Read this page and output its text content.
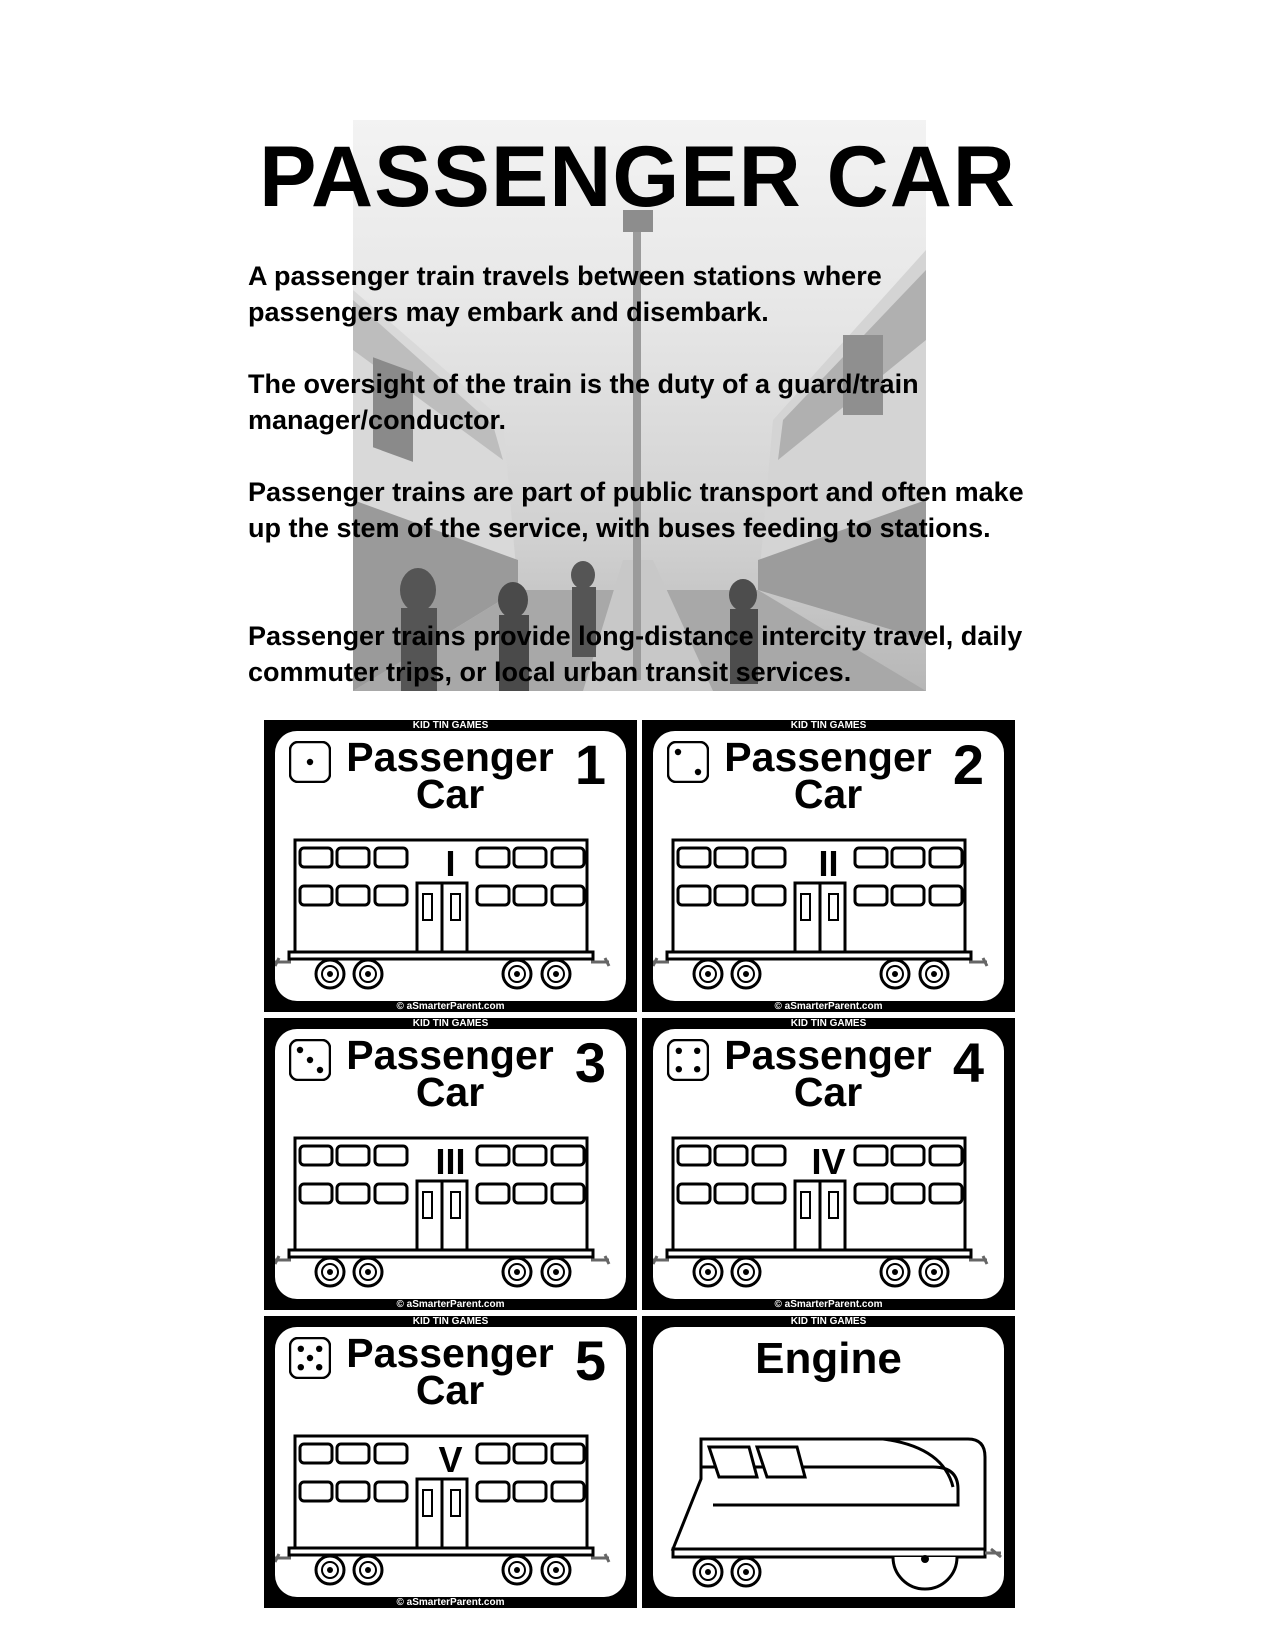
PASSENGER CAR

A passenger train travels between stations where passengers may embark and disembark.

The oversight of the train is the duty of a guard/train manager/conductor.

Passenger trains are part of public transport and often make up the stem of the service, with buses feeding to stations.

Passenger trains provide long-distance intercity travel, daily commuter trips, or local urban transit services.

KID TIN GAMES
Passenger Car	1
I
© aSmarterParent.com
KID TIN GAMES
Passenger Car	2
II
© aSmarterParent.com
KID TIN GAMES
Passenger Car	3
III
© aSmarterParent.com
KID TIN GAMES
Passenger Car	4
IV
© aSmarterParent.com
KID TIN GAMES
Passenger Car	5
V
© aSmarterParent.com
KID TIN GAMES
Engine
